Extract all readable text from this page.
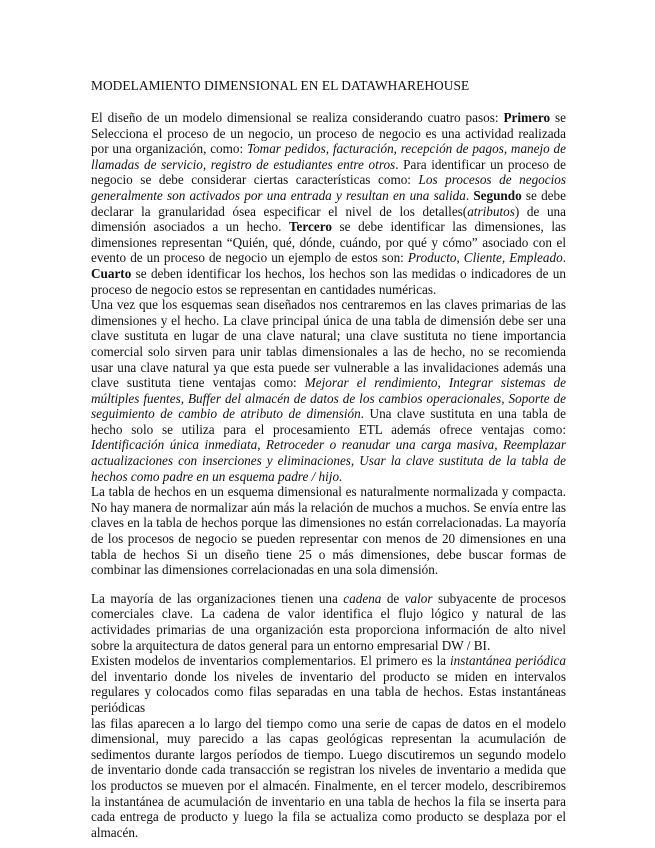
MODELAMIENTO DIMENSIONAL EN EL DATAWHAREHOUSE

El diseño de un modelo dimensional se realiza considerando cuatro pasos: Primero se Selecciona el proceso de un negocio, un proceso de negocio es una actividad realizada por una organización, como: Tomar pedidos, facturación, recepción de pagos, manejo de llamadas de servicio, registro de estudiantes entre otros. Para identificar un proceso de negocio se debe considerar ciertas características como: Los procesos de negocios generalmente son activados por una entrada y resultan en una salida. Segundo se debe declarar la granularidad ósea especificar el nivel de los detalles(atributos) de una dimensión asociados a un hecho. Tercero se debe identificar las dimensiones, las dimensiones representan “Quién, qué, dónde, cuándo, por qué y cómo” asociado con el evento de un proceso de negocio un ejemplo de estos son: Producto, Cliente, Empleado. Cuarto se deben identificar los hechos, los hechos son las medidas o indicadores de un proceso de negocio estos se representan en cantidades numéricas.

Una vez que los esquemas sean diseñados nos centraremos en las claves primarias de las dimensiones y el hecho. La clave principal única de una tabla de dimensión debe ser una clave sustituta en lugar de una clave natural; una clave sustituta no tiene importancia comercial solo sirven para unir tablas dimensionales a las de hecho, no se recomienda usar una clave natural ya que esta puede ser vulnerable a las invalidaciones además una clave sustituta tiene ventajas como: Mejorar el rendimiento, Integrar sistemas de múltiples fuentes, Buffer del almacén de datos de los cambios operacionales, Soporte de seguimiento de cambio de atributo de dimensión. Una clave sustituta en una tabla de hecho solo se utiliza para el procesamiento ETL además ofrece ventajas como: Identificación única inmediata, Retroceder o reanudar una carga masiva, Reemplazar actualizaciones con inserciones y eliminaciones, Usar la clave sustituta de la tabla de hechos como padre en un esquema padre / hijo.

La tabla de hechos en un esquema dimensional es naturalmente normalizada y compacta. No hay manera de normalizar aún más la relación de muchos a muchos. Se envía entre las claves en la tabla de hechos porque las dimensiones no están correlacionadas. La mayoría de los procesos de negocio se pueden representar con menos de 20 dimensiones en una tabla de hechos Si un diseño tiene 25 o más dimensiones, debe buscar formas de combinar las dimensiones correlacionadas en una sola dimensión.

La mayoría de las organizaciones tienen una cadena de valor subyacente de procesos comerciales clave. La cadena de valor identifica el flujo lógico y natural de las actividades primarias de una organización esta proporciona información de alto nivel sobre la arquitectura de datos general para un entorno empresarial DW / BI.

Existen modelos de inventarios complementarios. El primero es la instantánea periódica del inventario donde los niveles de inventario del producto se miden en intervalos regulares y colocados como filas separadas en una tabla de hechos. Estas instantáneas periódicas

las filas aparecen a lo largo del tiempo como una serie de capas de datos en el modelo dimensional, muy parecido a las capas geológicas representan la acumulación de sedimentos durante largos períodos de tiempo. Luego discutiremos un segundo modelo de inventario donde cada transacción se registran los niveles de inventario a medida que los productos se mueven por el almacén. Finalmente, en el tercer modelo, describiremos la instantánea de acumulación de inventario en una tabla de hechos la fila se inserta para cada entrega de producto y luego la fila se actualiza como producto se desplaza por el almacén.
